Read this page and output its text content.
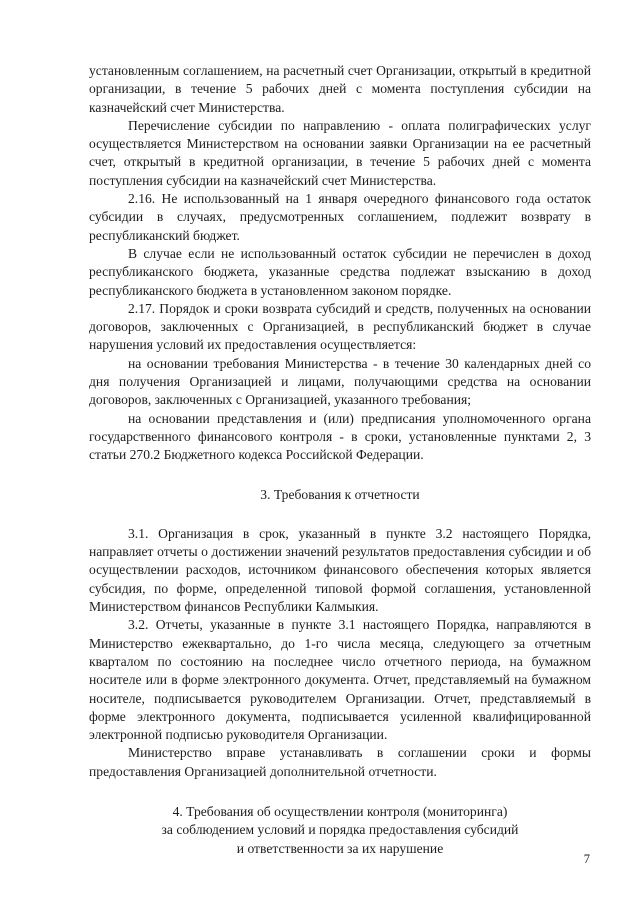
установленным соглашением, на расчетный счет Организации, открытый в кредитной организации, в течение 5 рабочих дней с момента поступления субсидии на казначейский счет Министерства.

Перечисление субсидии по направлению - оплата полиграфических услуг осуществляется Министерством на основании заявки Организации на ее расчетный счет, открытый в кредитной организации, в течение 5 рабочих дней с момента поступления субсидии на казначейский счет Министерства.

2.16. Не использованный на 1 января очередного финансового года остаток субсидии в случаях, предусмотренных соглашением, подлежит возврату в республиканский бюджет.

В случае если не использованный остаток субсидии не перечислен в доход республиканского бюджета, указанные средства подлежат взысканию в доход республиканского бюджета в установленном законом порядке.

2.17. Порядок и сроки возврата субсидий и средств, полученных на основании договоров, заключенных с Организацией, в республиканский бюджет в случае нарушения условий их предоставления осуществляется:

на основании требования Министерства - в течение 30 календарных дней со дня получения Организацией и лицами, получающими средства на основании договоров, заключенных с Организацией, указанного требования;

на основании представления и (или) предписания уполномоченного органа государственного финансового контроля - в сроки, установленные пунктами 2, 3 статьи 270.2 Бюджетного кодекса Российской Федерации.

3. Требования к отчетности

3.1. Организация в срок, указанный в пункте 3.2 настоящего Порядка, направляет отчеты о достижении значений результатов предоставления субсидии и об осуществлении расходов, источником финансового обеспечения которых является субсидия, по форме, определенной типовой формой соглашения, установленной Министерством финансов Республики Калмыкия.

3.2. Отчеты, указанные в пункте 3.1 настоящего Порядка, направляются в Министерство ежеквартально, до 1-го числа месяца, следующего за отчетным кварталом по состоянию на последнее число отчетного периода, на бумажном носителе или в форме электронного документа. Отчет, представляемый на бумажном носителе, подписывается руководителем Организации. Отчет, представляемый в форме электронного документа, подписывается усиленной квалифицированной электронной подписью руководителя Организации.

Министерство вправе устанавливать в соглашении сроки и формы предоставления Организацией дополнительной отчетности.

4. Требования об осуществлении контроля (мониторинга)
за соблюдением условий и порядка предоставления субсидий
и ответственности за их нарушение
7
